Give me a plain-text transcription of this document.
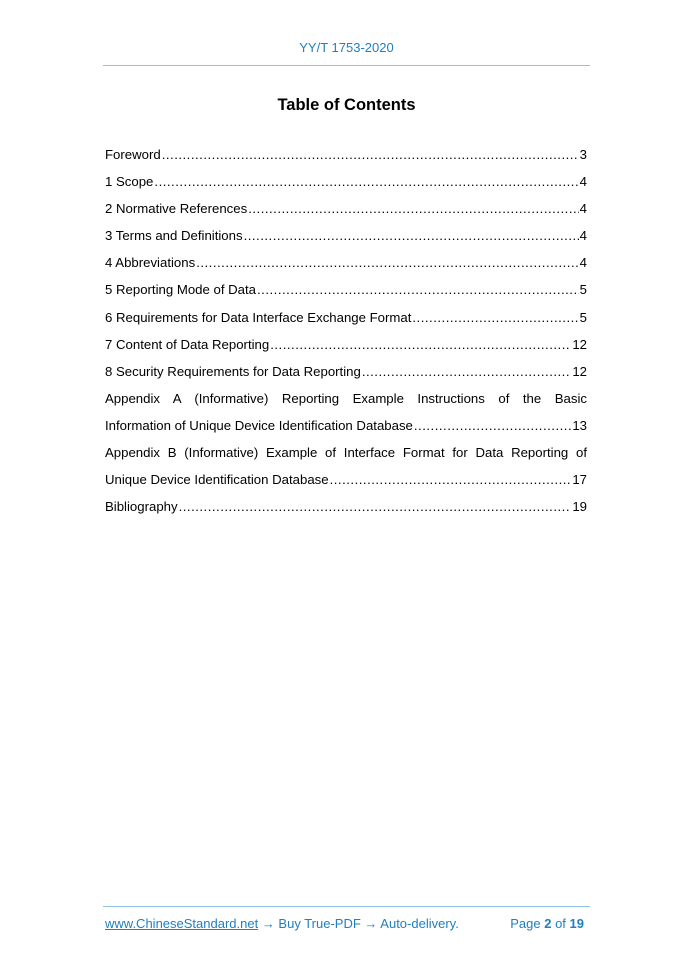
YY/T 1753-2020
Table of Contents
Foreword .....	3
1 Scope .....	4
2 Normative References .....	4
3 Terms and Definitions .....	4
4 Abbreviations .....	4
5 Reporting Mode of Data .....	5
6 Requirements for Data Interface Exchange Format .....	5
7 Content of Data Reporting .....	12
8 Security Requirements for Data Reporting .....	12
Appendix A (Informative) Reporting Example Instructions of the Basic
Information of Unique Device Identification Database .....	13
Appendix B (Informative) Example of Interface Format for Data Reporting of
Unique Device Identification Database .....	17
Bibliography .....	19
www.ChineseStandard.net → Buy True-PDF → Auto-delivery.	Page 2 of 19
